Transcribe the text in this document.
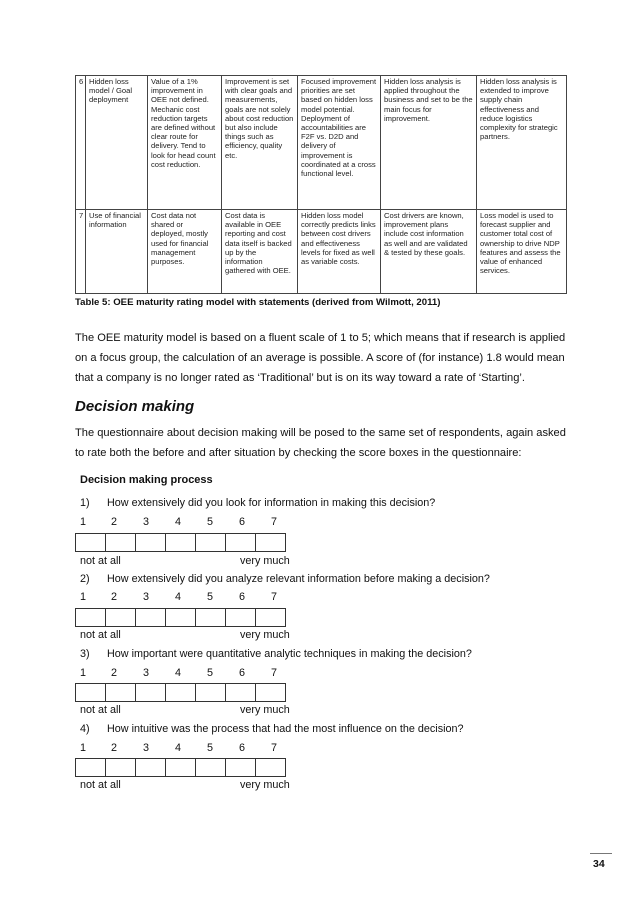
6	Hidden loss model / Goal deployment	Value of a 1% improvement in OEE not defined. Mechanic cost reduction targets are defined without clear route for delivery. Tend to look for head count cost reduction.	Improvement is set with clear goals and measurements, goals are not solely about cost reduction but also include things such as efficiency, quality etc.	Focused improvement priorities are set based on hidden loss model potential. Deployment of accountabilities are F2F vs. D2D and delivery of improvement is coordinated at a cross functional level.	Hidden loss analysis is applied throughout the business and set to be the main focus for improvement.	Hidden loss analysis is extended to improve supply chain effectiveness and reduce logistics complexity for strategic partners.
7	Use of financial information	Cost data not shared or deployed, mostly used for financial management purposes.	Cost data is available in OEE reporting and cost data itself is backed up by the information gathered with OEE.	Hidden loss model correctly predicts links between cost drivers and effectiveness levels for fixed as well as variable costs.	Cost drivers are known, improvement plans include cost information as well and are validated & tested by these goals.	Loss model is used to forecast supplier and customer total cost of ownership to drive NDP features and assess the value of enhanced services.
Table 5: OEE maturity rating model with statements (derived from Wilmott, 2011)
The OEE maturity model is based on a fluent scale of 1 to 5; which means that if research is applied on a focus group, the calculation of an average is possible. A score of (for instance) 1.8 would mean that a company is no longer rated as ‘Traditional’ but is on its way toward a rate of ‘Starting’.
Decision making
The questionnaire about decision making will be posed to the same set of respondents, again asked to rate both the before and after situation by checking the score boxes in the questionnaire:
Decision making process
1) How extensively did you look for information in making this decision?
1 2 3 4 5 6 7
not at all	very much
2) How extensively did you analyze relevant information before making a decision?
1 2 3 4 5 6 7
not at all	very much
3) How important were quantitative analytic techniques in making the decision?
1 2 3 4 5 6 7
not at all	very much
4) How intuitive was the process that had the most influence on the decision?
1 2 3 4 5 6 7
not at all	very much
34
